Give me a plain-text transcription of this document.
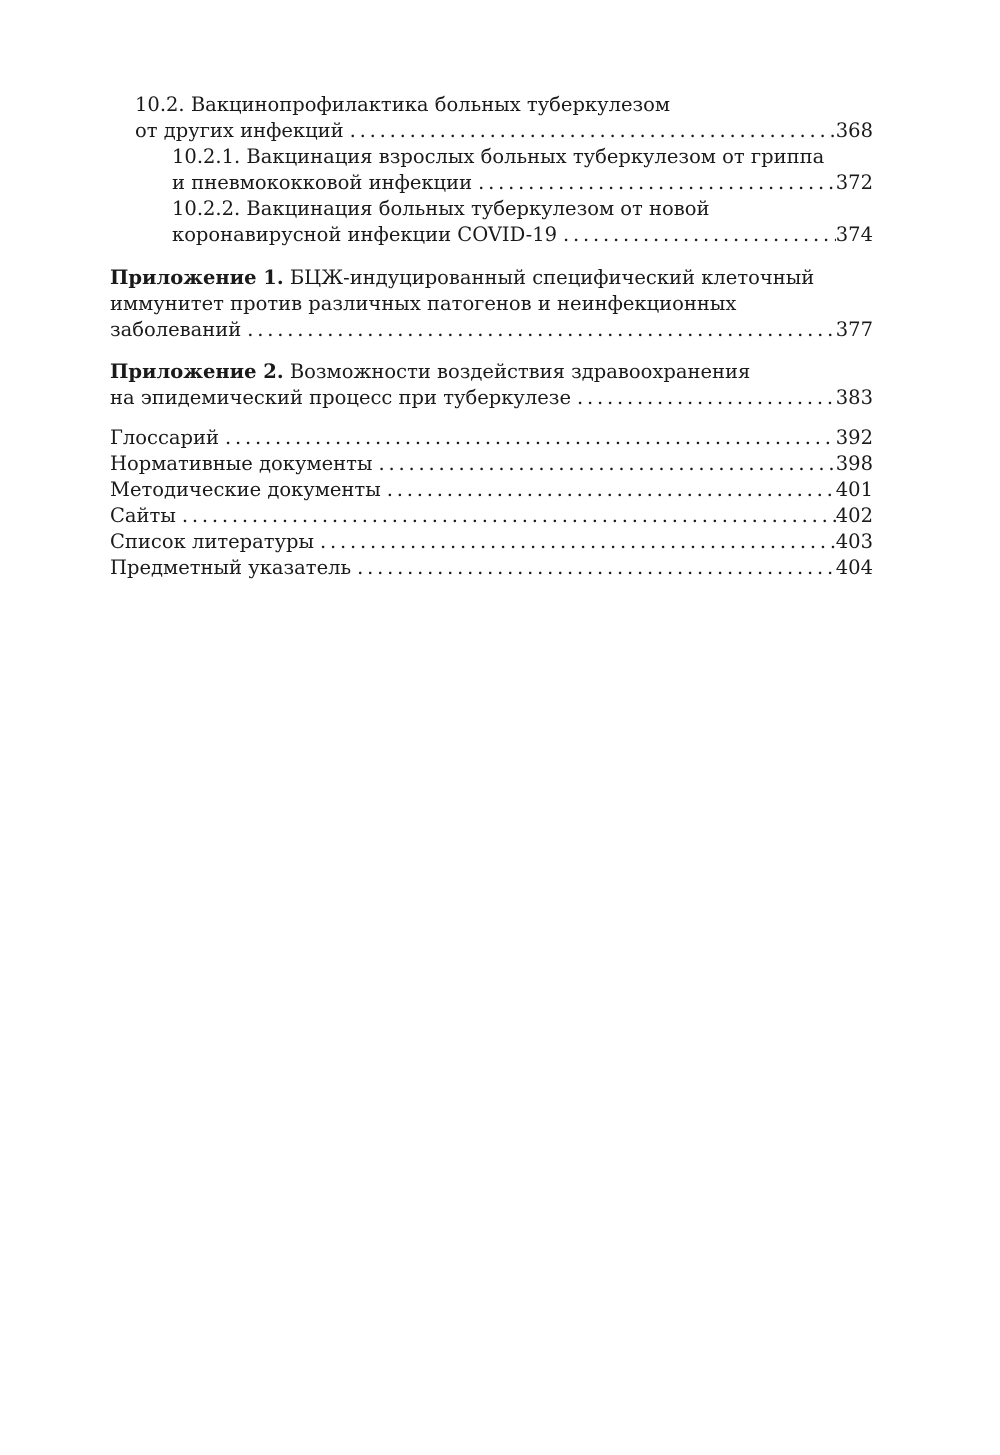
10.2. Вакцинопрофилактика больных туберкулезом
от других инфекций . . .	368
10.2.1. Вакцинация взрослых больных туберкулезом от гриппа
и пневмококковой инфекции . . .	372
10.2.2. Вакцинация больных туберкулезом от новой
коронавирусной инфекции COVID-19 . . .	374
Приложение 1. БЦЖ-индуцированный специфический клеточный
иммунитет против различных патогенов и неинфекционных
заболеваний . . .	377
Приложение 2. Возможности воздействия здравоохранения
на эпидемический процесс при туберкулезе . . .	383
Глоссарий . . .	392
Нормативные документы . . .	398
Методические документы . . .	401
Сайты . . .	402
Список литературы . . .	403
Предметный указатель . . .	404
